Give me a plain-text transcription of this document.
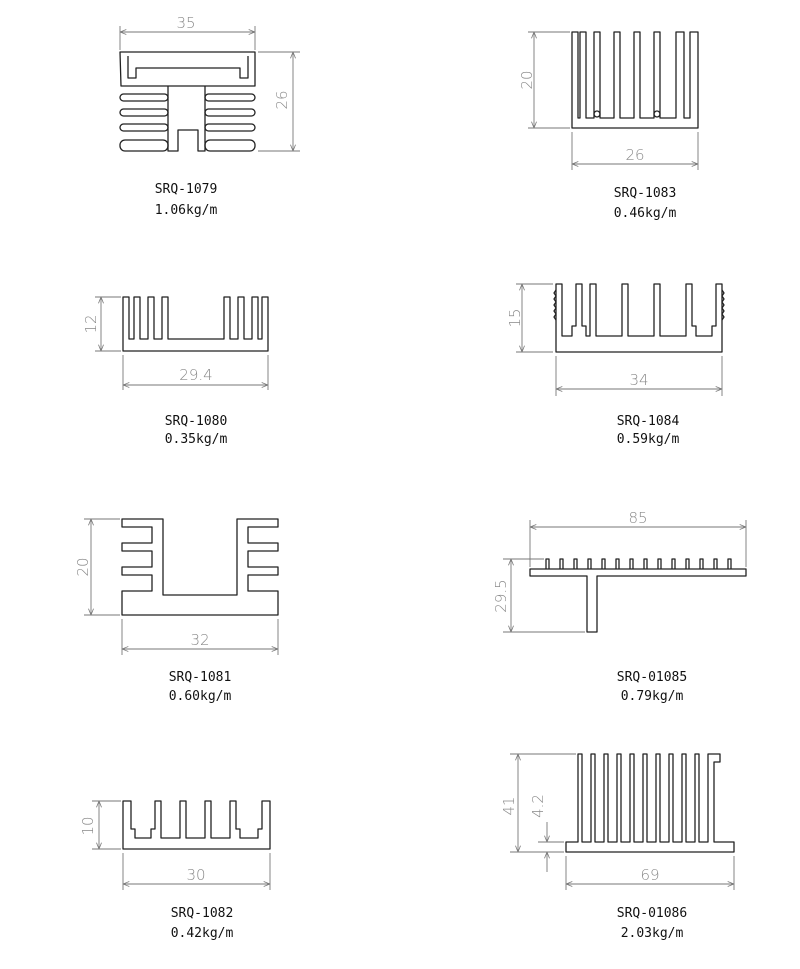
35
26
SRQ-1079
1.06kg/m
20
26
SRQ-1083
0.46kg/m
12
29.4
SRQ-1080
0.35kg/m
15
34
SRQ-1084
0.59kg/m
20
32
SRQ-1081
0.60kg/m
85
29.5
SRQ-01085
0.79kg/m
10
30
SRQ-1082
0.42kg/m
41 4.2
69
SRQ-01086
2.03kg/m
